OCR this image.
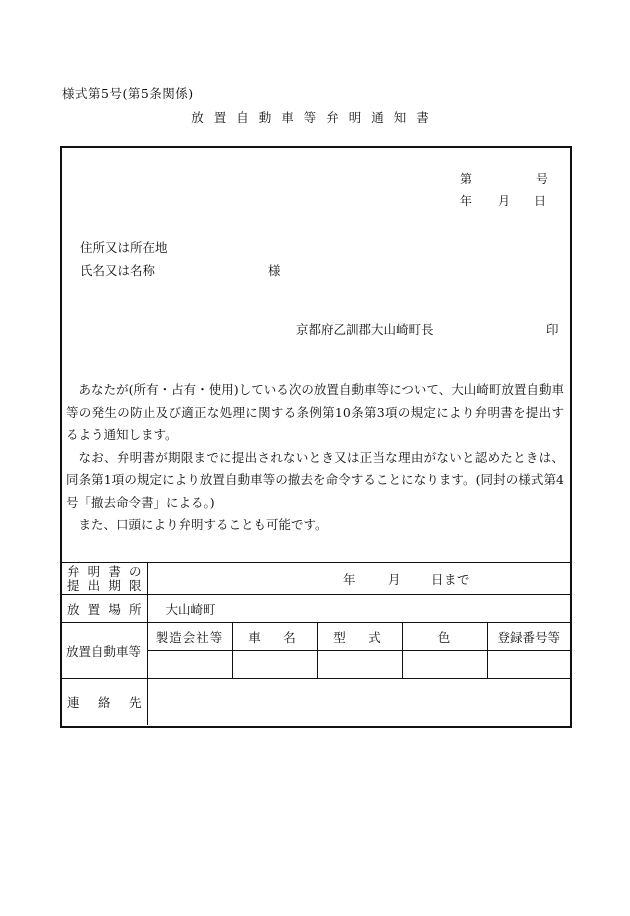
様式第5号(第5条関係)
放置自動車等弁明通知書
第	号
年 月 日
住所又は所在地
氏名又は名称	様
京都府乙訓郡大山崎町長	印

あなたが(所有・占有・使用)している次の放置自動車等について、大山崎町放置自動車等の発生の防止及び適正な処理に関する条例第10条第3項の規定により弁明書を提出するよう通知します。

なお、弁明書が期限までに提出されないとき又は正当な理由がないと認めたときは、同条第1項の規定により放置自動車等の撤去を命令することになります。(同封の様式第4号「撤去命令書」による。)

また、口頭により弁明することも可能です。

弁明書の
提出期限	年 月 日まで				
放置場所	大山崎町				
放置自動車等	製造会社等	車　名	型　式	色	登録番号等

連絡先					
